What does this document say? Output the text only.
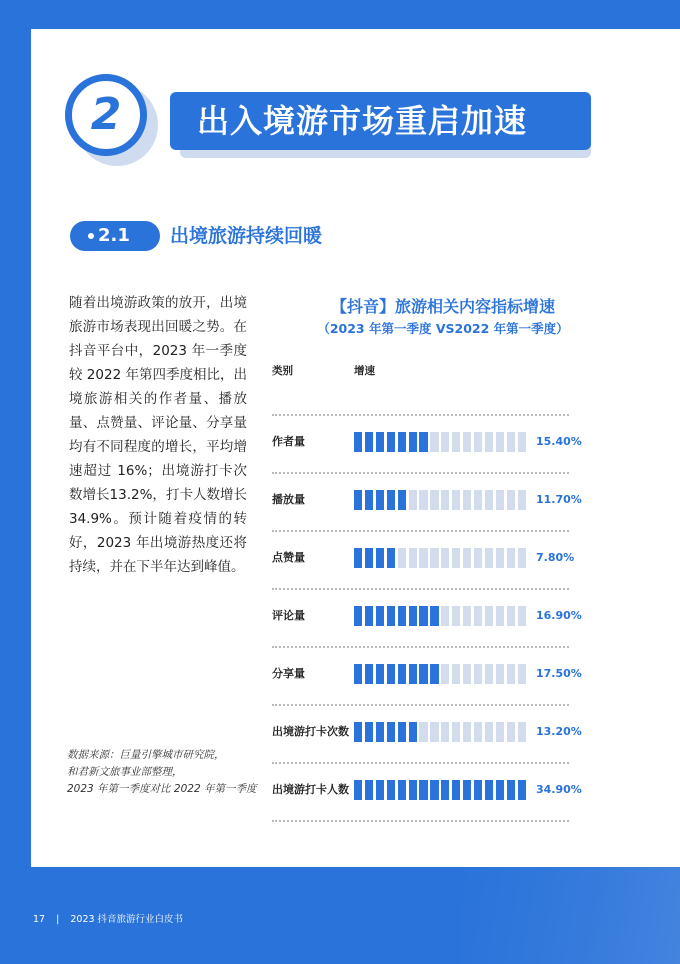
出入境游市场重启加速
2
2.1 出境旅游持续回暖
随着出境游政策的放开，出境旅游市场表现出回暖之势。在抖音平台中，2023 年一季度较 2022 年第四季度相比，出境旅游相关的作者量、播放量、点赞量、评论量、分享量均有不同程度的增长，平均增速超过 16%；出境游打卡次数增长13.2%，打卡人数增长34.9%。预计随着疫情的转好，2023 年出境游热度还将持续，并在下半年达到峰值。
数据来源：巨量引擎城市研究院，
和君新文旅事业部整理，
2023 年第一季度对比 2022 年第一季度
【抖音】旅游相关内容指标增速
（2023 年第一季度 VS2022 年第一季度）
类别	增速
作者量	15.40%
播放量	11.70%
点赞量	7.80%
评论量	16.90%
分享量	17.50%
出境游打卡次数	13.20%
出境游打卡人数	34.90%
17 | 2023 抖音旅游行业白皮书
